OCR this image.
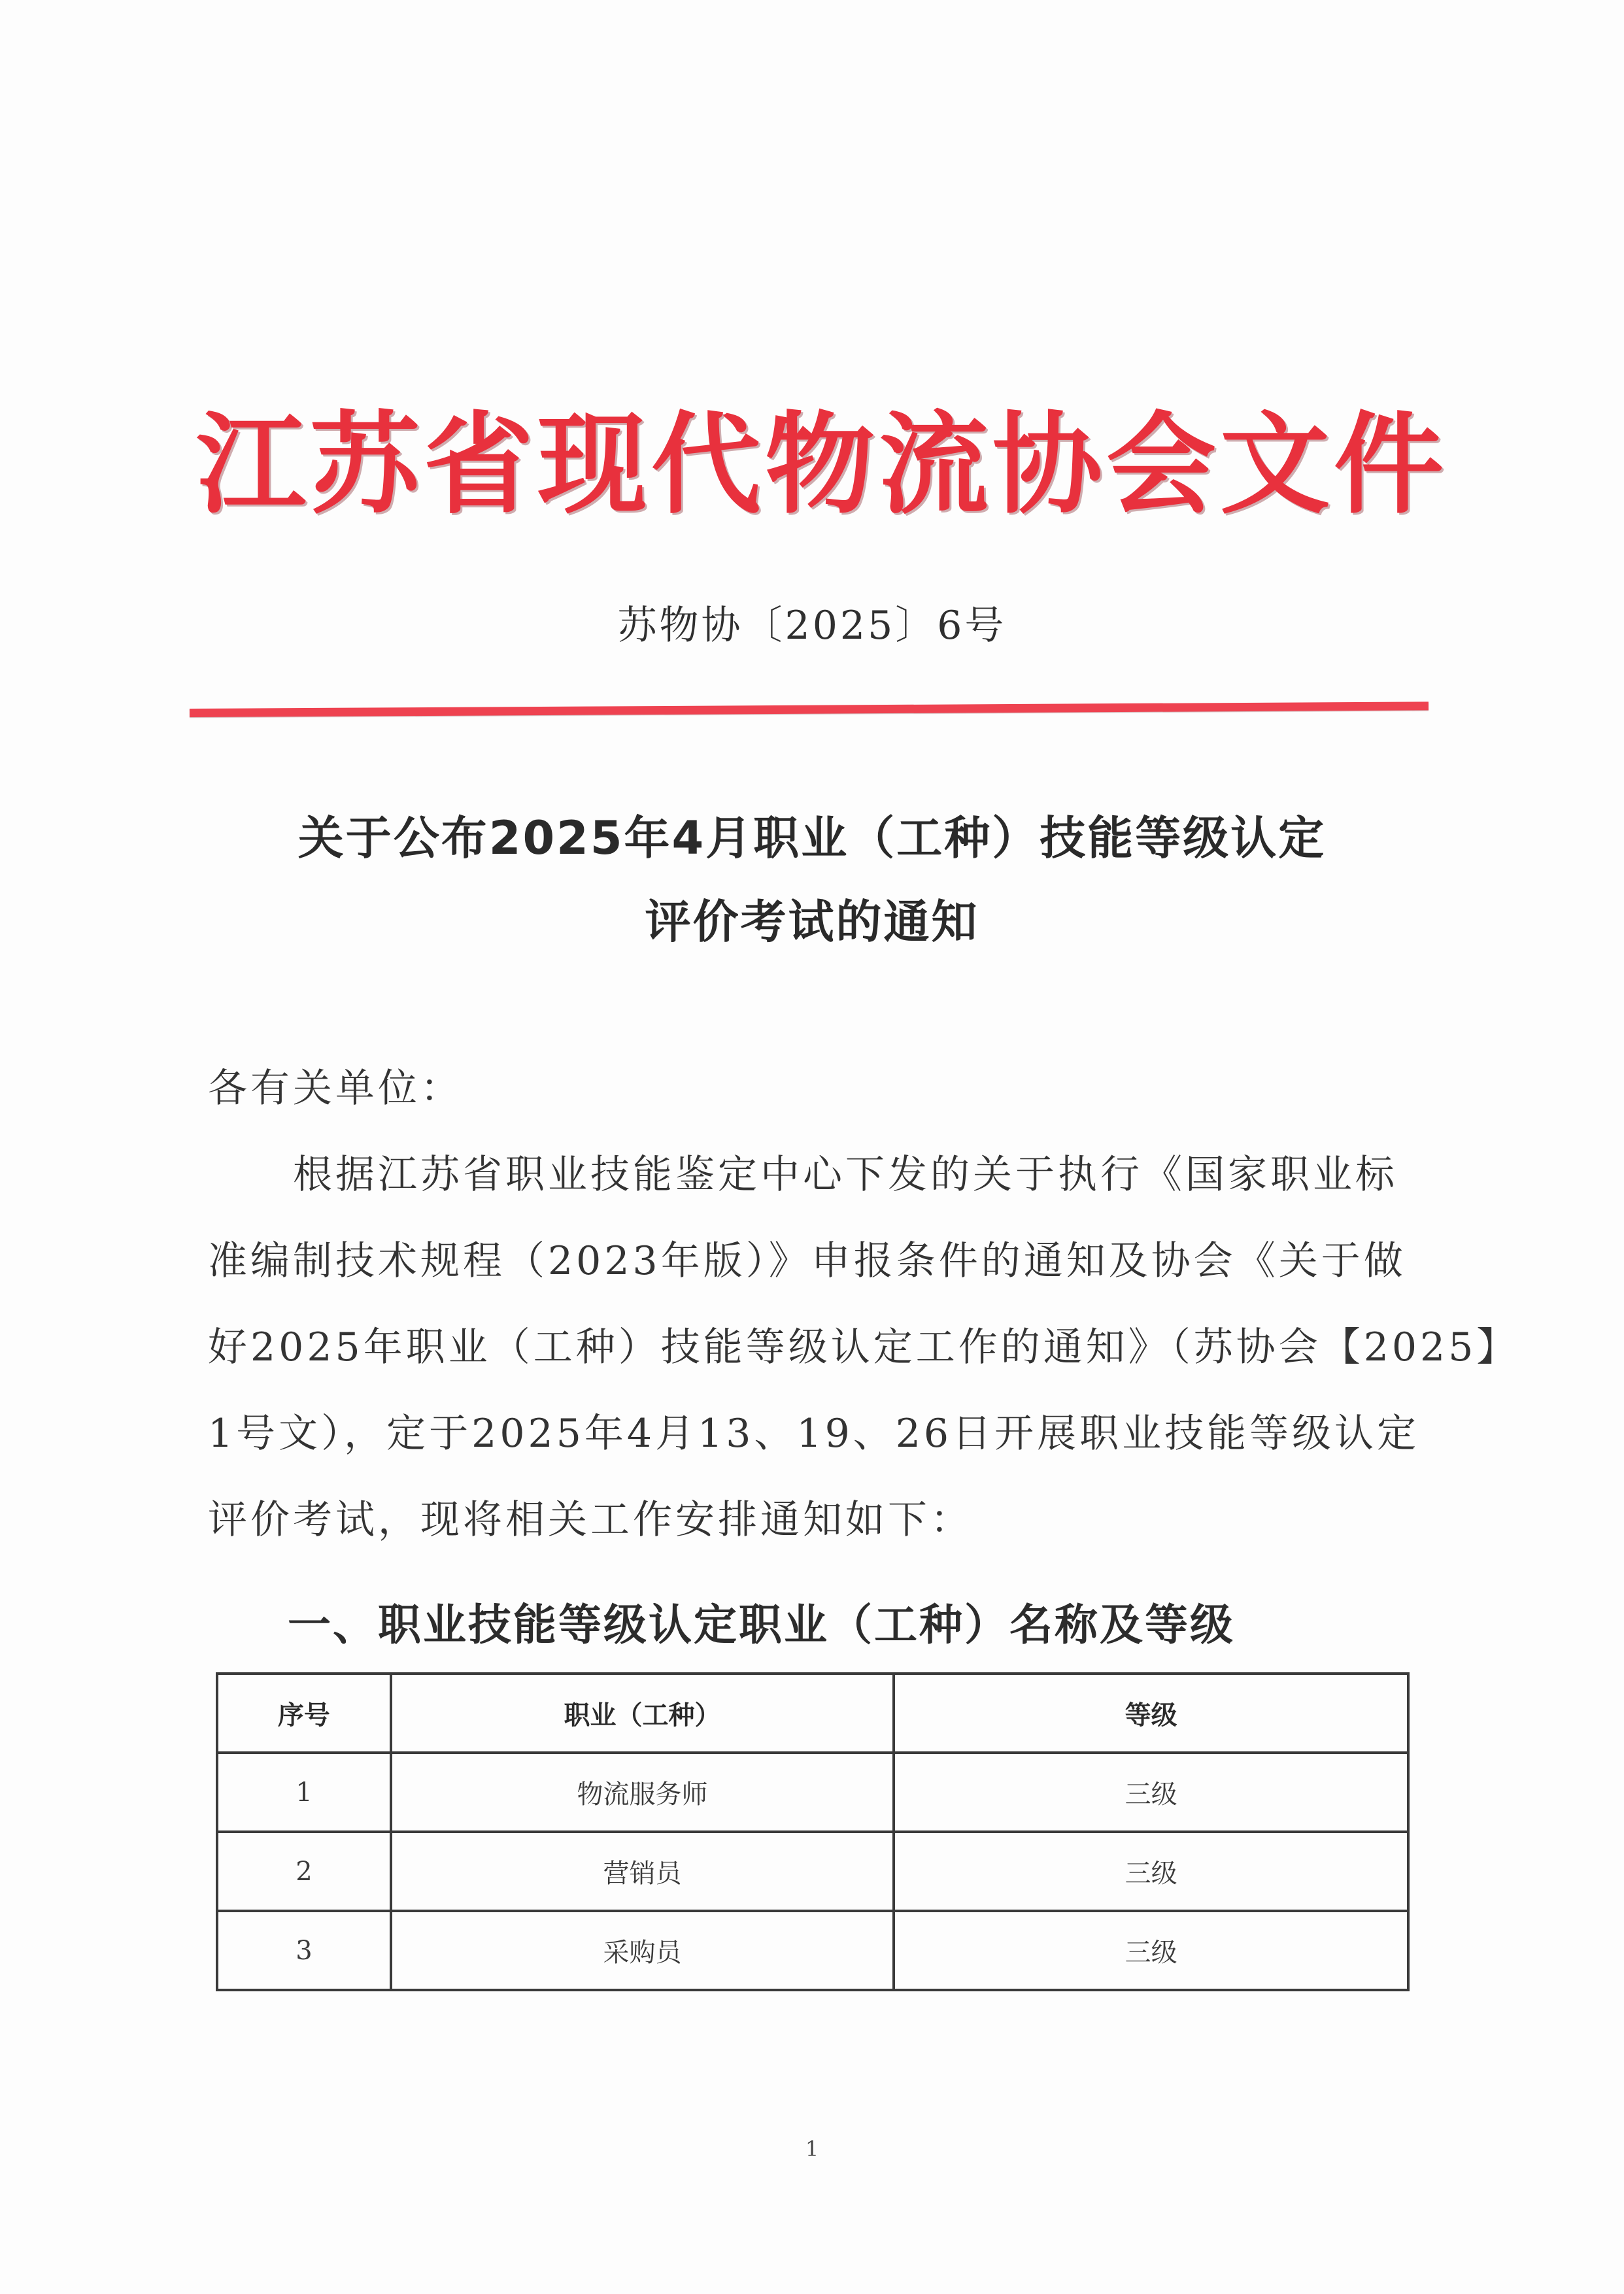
江苏省现代物流协会文件
苏物协〔2025〕6号
关于公布2025年4月职业（工种）技能等级认定
评价考试的通知
各有关单位：
　　根据江苏省职业技能鉴定中心下发的关于执行《国家职业标
准编制技术规程（2023年版）》申报条件的通知及协会《关于做
好2025年职业（工种）技能等级认定工作的通知》（苏协会【2025】
1号文），定于2025年4月13、19、26日开展职业技能等级认定
评价考试，现将相关工作安排通知如下：
一、职业技能等级认定职业（工种）名称及等级
序号	职业（工种）	等级
1	物流服务师	三级
2	营销员	三级
3	采购员	三级
1
